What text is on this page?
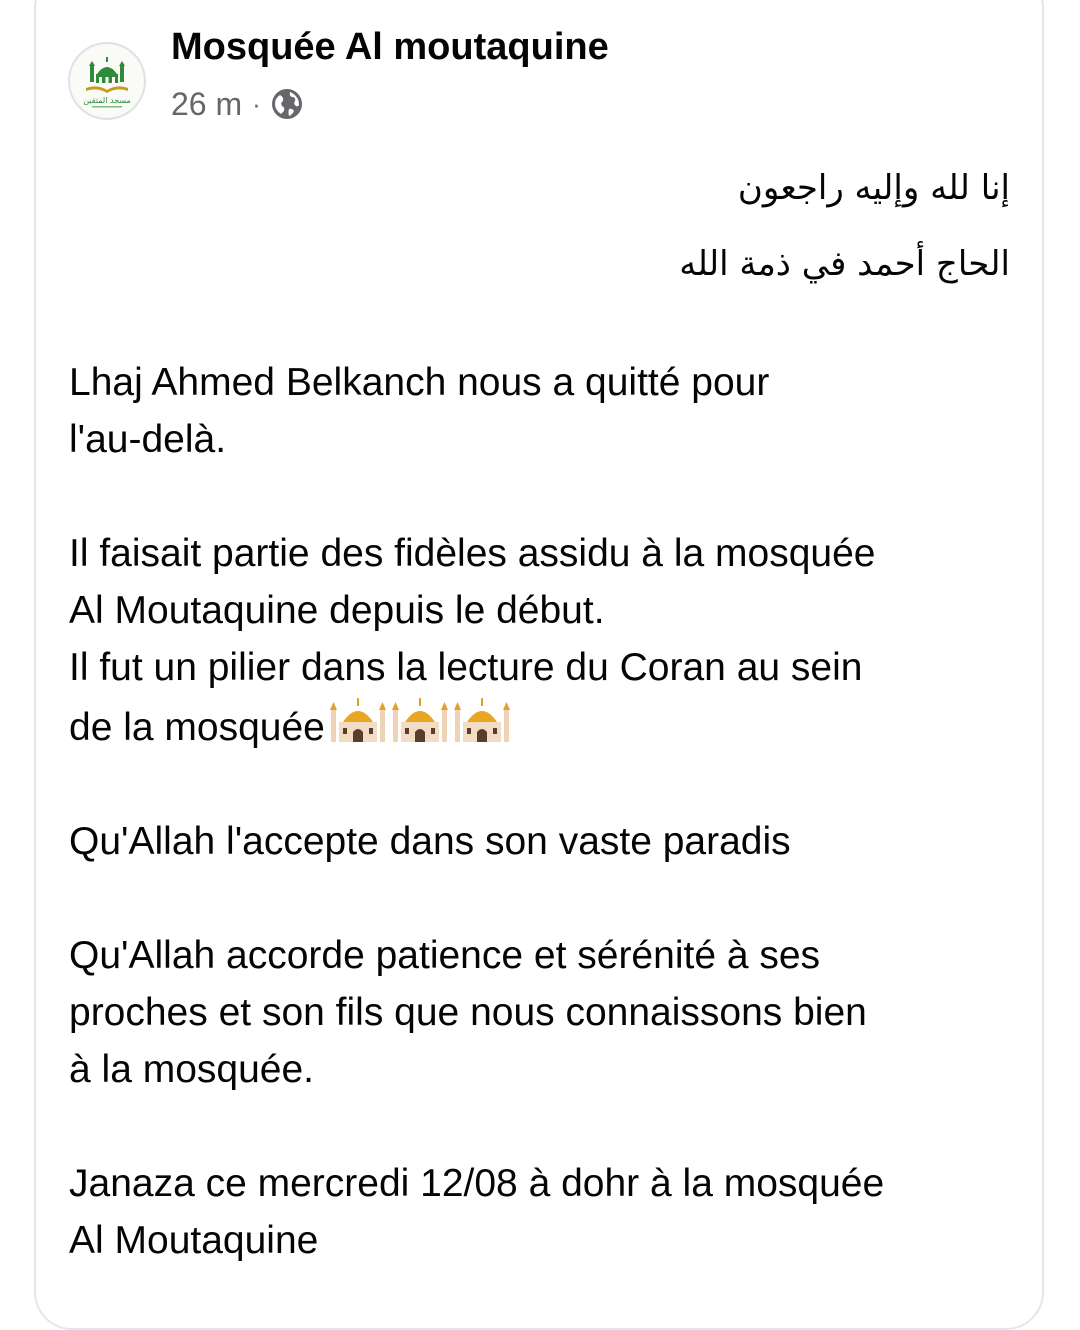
مسجد المتقين
Mosquée Al moutaquine
26 m ·
إنا لله وإليه راجعون
الحاج أحمد في ذمة الله

Lhaj Ahmed Belkanch nous a quitté pour
l'au-delà.

Il faisait partie des fidèles assidu à la mosquée
Al Moutaquine depuis le début.
Il fut un pilier dans la lecture du Coran au sein
de la mosquée

Qu'Allah l'accepte dans son vaste paradis

Qu'Allah accorde patience et sérénité à ses
proches et son fils que nous connaissons bien
à la mosquée.

Janaza ce mercredi 12/08 à dohr à la mosquée
Al Moutaquine
